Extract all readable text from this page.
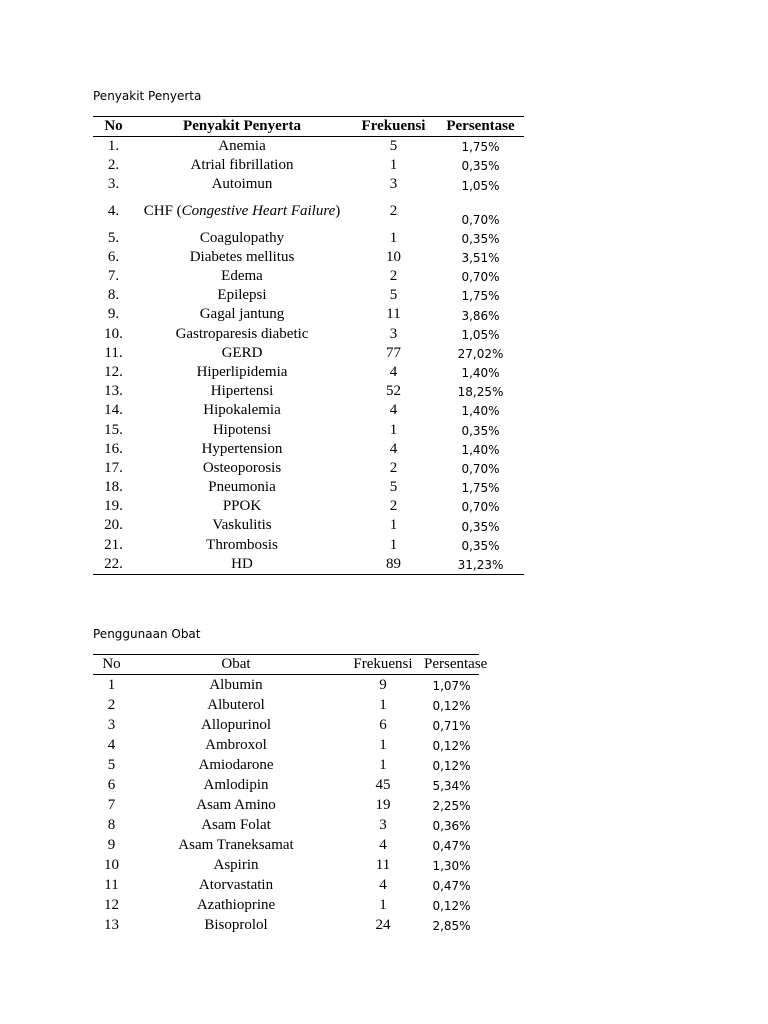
Penyakit Penyerta
No	Penyakit Penyerta	Frekuensi	Persentase
1.	Anemia	5	1,75%
2.	Atrial fibrillation	1	0,35%
3.	Autoimun	3	1,05%
4.	CHF (Congestive Heart Failure)	2	0,70%
5.	Coagulopathy	1	0,35%
6.	Diabetes mellitus	10	3,51%
7.	Edema	2	0,70%
8.	Epilepsi	5	1,75%
9.	Gagal jantung	11	3,86%
10.	Gastroparesis diabetic	3	1,05%
11.	GERD	77	27,02%
12.	Hiperlipidemia	4	1,40%
13.	Hipertensi	52	18,25%
14.	Hipokalemia	4	1,40%
15.	Hipotensi	1	0,35%
16.	Hypertension	4	1,40%
17.	Osteoporosis	2	0,70%
18.	Pneumonia	5	1,75%
19.	PPOK	2	0,70%
20.	Vaskulitis	1	0,35%
21.	Thrombosis	1	0,35%
22.	HD	89	31,23%
Penggunaan Obat
No	Obat	Frekuensi	Persentase
1	Albumin	9	1,07%
2	Albuterol	1	0,12%
3	Allopurinol	6	0,71%
4	Ambroxol	1	0,12%
5	Amiodarone	1	0,12%
6	Amlodipin	45	5,34%
7	Asam Amino	19	2,25%
8	Asam Folat	3	0,36%
9	Asam Traneksamat	4	0,47%
10	Aspirin	11	1,30%
11	Atorvastatin	4	0,47%
12	Azathioprine	1	0,12%
13	Bisoprolol	24	2,85%
